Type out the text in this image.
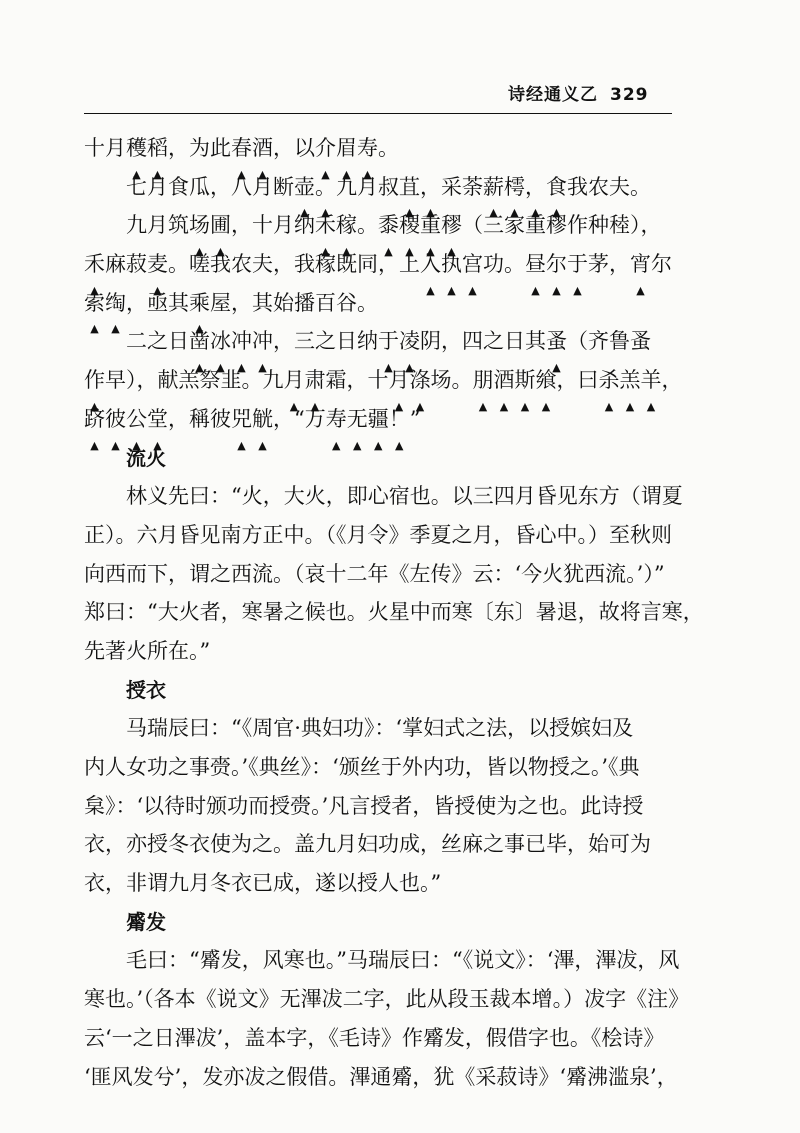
诗经通义乙 329
十月穫 ▲稻 ▲，为此春 ▲酒 ▲，以介 ▲眉 ▲寿 ▲。
七月食瓜，八月断壶 ▲。 ▲九月叔苴 ▲， ▲采荼薪 ▲樗 ▲， ▲食 ▲我农夫。
九月筑场 ▲圃 ▲，十月纳禾 ▲稼 ▲。黍 ▲稷 ▲重 ▲穋 ▲（三家重穋作种稑），
禾 ▲麻菽麦 ▲。嗟我农夫，我稼既同，上入 ▲执 ▲宫 ▲功。昼 ▲尔 ▲于 ▲茅，宵 ▲尔
索 ▲绹 ▲，亟其乘 ▲屋，其始播百谷。
二之日凿 ▲冰 ▲冲 ▲冲 ▲，三之日纳于 ▲凌 ▲阴，四之日其蚤 ▲（齐鲁蚤
作 ▲早），献羔祭韭。九月 ▲肃 ▲霜，十月 ▲涤 ▲场。朋 ▲酒 ▲斯 ▲飨 ▲，曰杀 ▲羔 ▲羊 ▲，
跻 ▲彼 ▲公 ▲堂 ▲，稱彼兕 ▲觥 ▲，“万寿 ▲无 ▲疆 ▲！ ▲”
流火
林义先曰：“火，大火，即心宿也。以三四月昏见东方（谓夏
正）。六月昏见南方正中。（《月令》季夏之月，昏心中。）至秋则
向西而下，谓之西流。（哀十二年《左传》云：‘今火犹西流。’）”
郑曰：“大火者，寒暑之候也。火星中而寒〔东〕暑退，故将言寒，
先著火所在。”
授衣
马瑞辰曰：“《周官·典妇功》：‘掌妇式之法，以授嫔妇及
内人女功之事赍。’《典丝》：‘颁丝于外内功，皆以物授之。’《典
枲》：‘以待时颁功而授赍。’凡言授者，皆授使为之也。此诗授
衣，亦授冬衣使为之。盖九月妇功成，丝麻之事已毕，始可为
衣，非谓九月冬衣已成，遂以授人也。”
觱发
毛曰：“觱发，风寒也。”马瑞辰曰：“《说文》：‘滭，滭冹，风
寒也。’（各本《说文》无滭冹二字，此从段玉裁本增。）冹字《注》
云‘一之日滭冹’，盖本字，《毛诗》作觱发，假借字也。《桧诗》
‘匪风发兮’，发亦冹之假借。滭通觱，犹《采菽诗》‘觱沸滥泉’，
